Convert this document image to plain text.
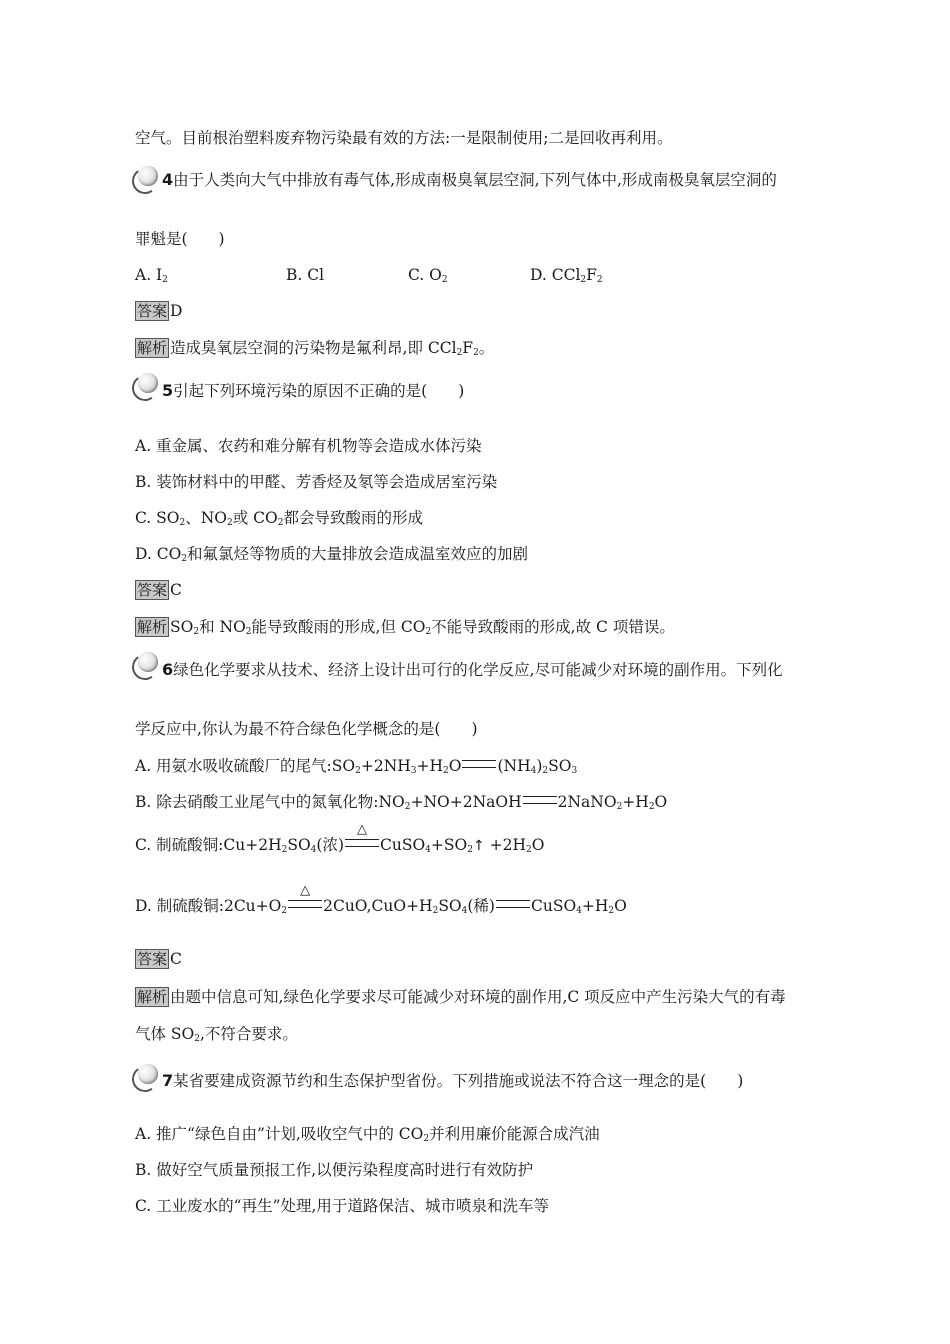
空气。目前根治塑料废弃物污染最有效的方法:一是限制使用;二是回收再利用。
4由于人类向大气中排放有毒气体,形成南极臭氧层空洞,下列气体中,形成南极臭氧层空洞的
罪魁是(　　)
A. $I_2$	B. Cl	C. $O_2$	D. $CCl_2F_2$
答案 D
解析 造成臭氧层空洞的污染物是氟利昂,即 $CCl_2F_2$。
5引起下列环境污染的原因不正确的是(　　)
A. 重金属、农药和难分解有机物等会造成水体污染
B. 装饰材料中的甲醛、芳香烃及氡等会造成居室污染
C. $SO_2$、$NO_2$或 $CO_2$都会导致酸雨的形成
D. $CO_2$和氟氯烃等物质的大量排放会造成温室效应的加剧
答案 C
解析 $SO_2$和 $NO_2$能导致酸雨的形成,但 $CO_2$不能导致酸雨的形成,故 C 项错误。
6绿色化学要求从技术、经济上设计出可行的化学反应,尽可能减少对环境的副作用。下列化
学反应中,你认为最不符合绿色化学概念的是(　　)
A. 用氨水吸收硫酸厂的尾气$:SO_2+2NH_3+H_2O$ $(NH_4)_2SO_3$
B. 除去硝酸工业尾气中的氮氧化物$:NO_2+NO+2NaOH$ $2NaNO_2+H_2O$
C. 制硫酸铜$:Cu+2H_2SO_4$(浓)
△
$CuSO_4+SO_2↑ +2H_2O$
D. 制硫酸铜$:2Cu+O_2$
△
$2CuO,CuO+H_2SO_4$(稀) $CuSO_4+H_2O$
答案 C
解析 由题中信息可知,绿色化学要求尽可能减少对环境的副作用,C 项反应中产生污染大气的有毒
气体 $SO_2$,不符合要求。
7某省要建成资源节约和生态保护型省份。下列措施或说法不符合这一理念的是(　　)
A. 推广“绿色自由”计划,吸收空气中的 $CO_2$并利用廉价能源合成汽油
B. 做好空气质量预报工作,以便污染程度高时进行有效防护
C. 工业废水的“再生”处理,用于道路保洁、城市喷泉和洗车等
